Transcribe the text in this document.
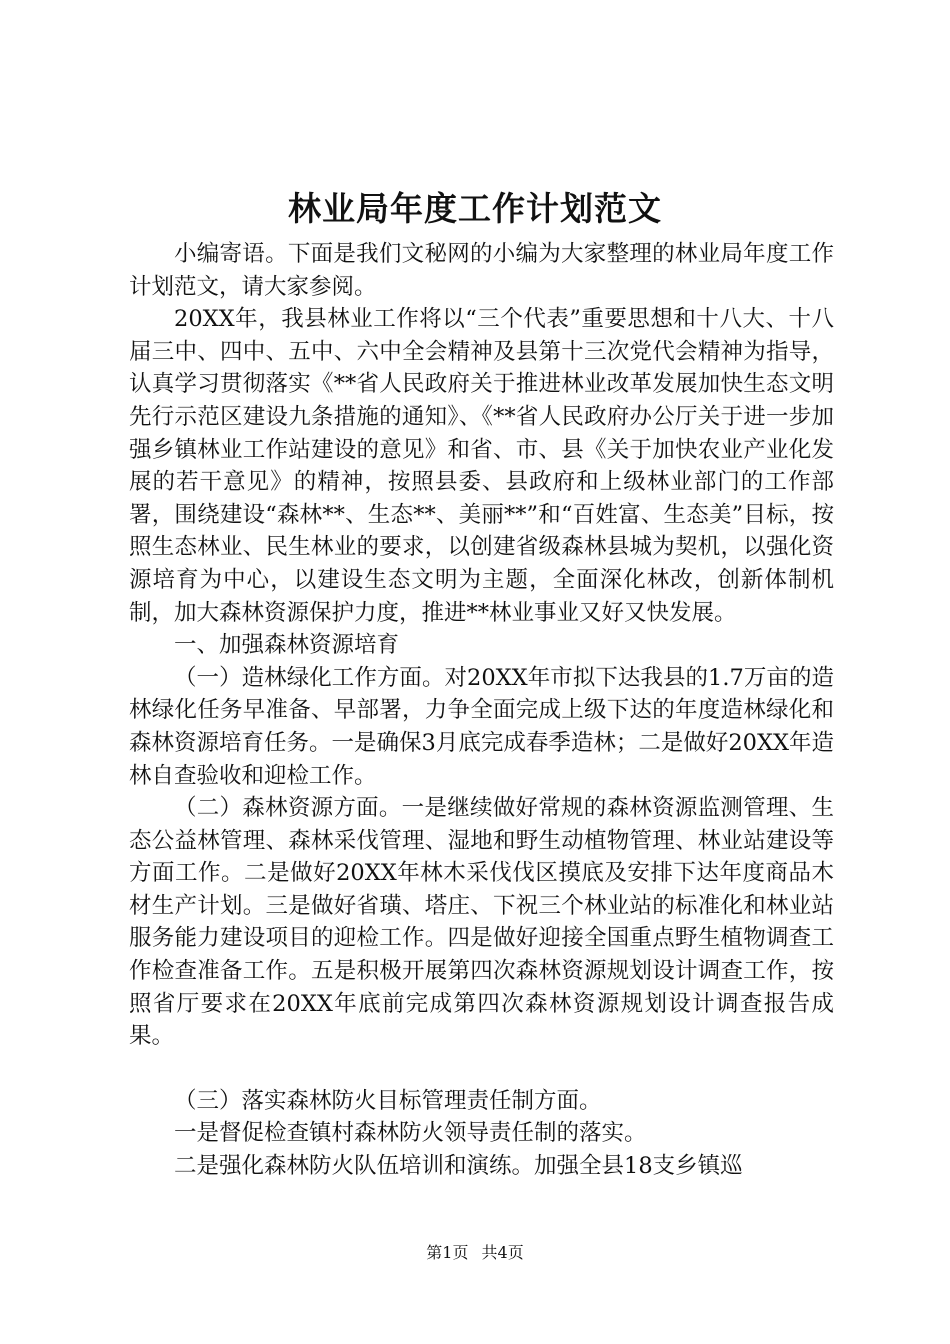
林业局年度工作计划范文

小编寄语。下面是我们文秘网的小编为大家整理的林业局年度工作计划范文，请大家参阅。

20XX年，我县林业工作将以“三个代表”重要思想和十八大、十八届三中、四中、五中、六中全会精神及县第十三次党代会精神为指导，认真学习贯彻落实《**省人民政府关于推进林业改革发展加快生态文明先行示范区建设九条措施的通知》、《**省人民政府办公厅关于进一步加强乡镇林业工作站建设的意见》和省、市、县《关于加快农业产业化发展的若干意见》的精神，按照县委、县政府和上级林业部门的工作部署，围绕建设“森林**、生态**、美丽**”和“百姓富、生态美”目标，按照生态林业、民生林业的要求，以创建省级森林县城为契机，以强化资源培育为中心，以建设生态文明为主题，全面深化林改，创新体制机制，加大森林资源保护力度，推进**林业事业又好又快发展。

一、加强森林资源培育

（一）造林绿化工作方面。对20XX年市拟下达我县的1.7万亩的造林绿化任务早准备、早部署，力争全面完成上级下达的年度造林绿化和森林资源培育任务。一是确保3月底完成春季造林；二是做好20XX年造林自查验收和迎检工作。

（二）森林资源方面。一是继续做好常规的森林资源监测管理、生态公益林管理、森林采伐管理、湿地和野生动植物管理、林业站建设等方面工作。二是做好20XX年林木采伐伐区摸底及安排下达年度商品木材生产计划。三是做好省璜、塔庄、下祝三个林业站的标准化和林业站服务能力建设项目的迎检工作。四是做好迎接全国重点野生植物调查工作检查准备工作。五是积极开展第四次森林资源规划设计调查工作，按照省厅要求在20XX年底前完成第四次森林资源规划设计调查报告成果。

（三）落实森林防火目标管理责任制方面。

一是督促检查镇村森林防火领导责任制的落实。

二是强化森林防火队伍培训和演练。加强全县18支乡镇巡

第1页 共4页
